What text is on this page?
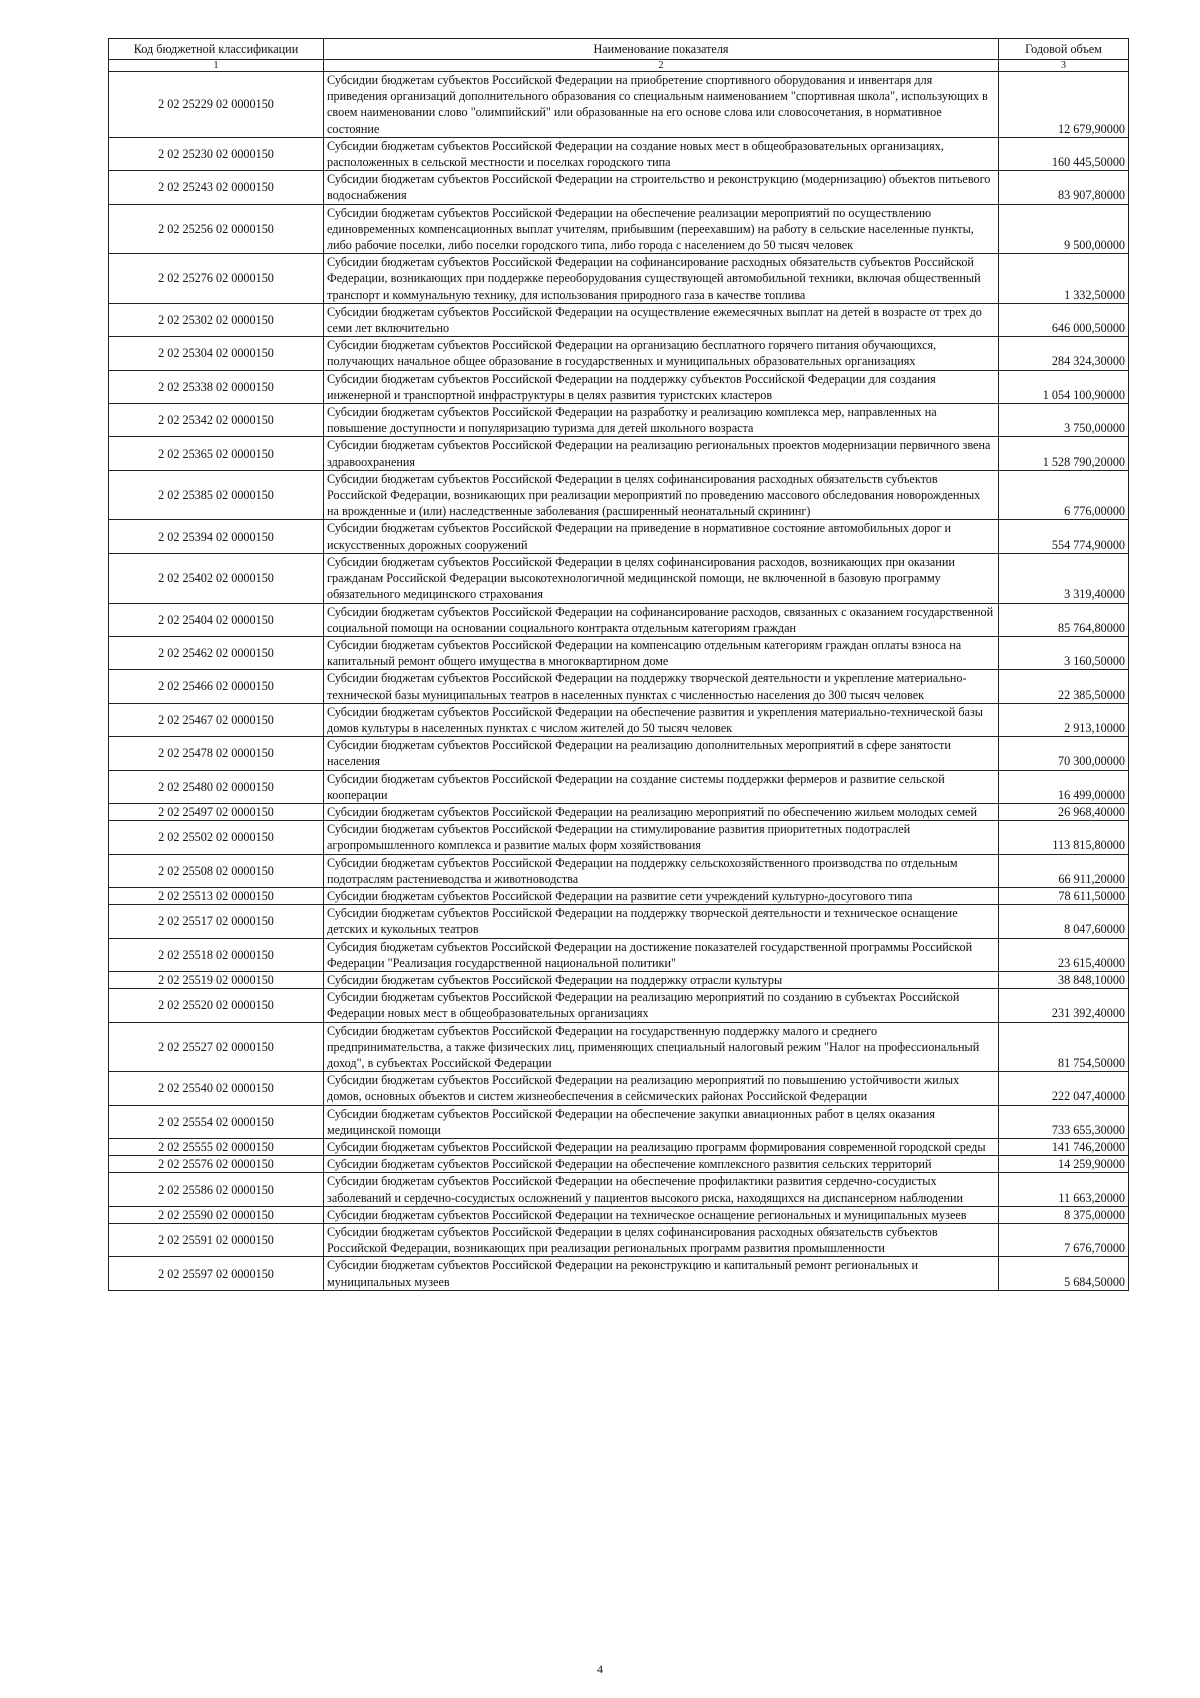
Код бюджетной классификации	Наименование показателя	Годовой объем
1	2	3
2 02 25229 02 0000150	Субсидии бюджетам субъектов Российской Федерации на приобретение спортивного оборудования и инвентаря для приведения организаций дополнительного образования со специальным наименованием "спортивная школа", использующих в своем наименовании слово "олимпийский" или образованные на его основе слова или словосочетания, в нормативное состояние	12 679,90000
2 02 25230 02 0000150	Субсидии бюджетам субъектов Российской Федерации на создание новых мест в общеобразовательных организациях, расположенных в сельской местности и поселках городского типа	160 445,50000
2 02 25243 02 0000150	Субсидии бюджетам субъектов Российской Федерации на строительство и реконструкцию (модернизацию) объектов питьевого водоснабжения	83 907,80000
2 02 25256 02 0000150	Субсидии бюджетам субъектов Российской Федерации на обеспечение реализации мероприятий по осуществлению единовременных компенсационных выплат учителям, прибывшим (переехавшим) на работу в сельские населенные пункты, либо рабочие поселки, либо поселки городского типа, либо города с населением до 50 тысяч человек	9 500,00000
2 02 25276 02 0000150	Субсидии бюджетам субъектов Российской Федерации на софинансирование расходных обязательств субъектов Российской Федерации, возникающих при поддержке переоборудования существующей автомобильной техники, включая общественный транспорт и коммунальную технику, для использования природного газа в качестве топлива	1 332,50000
2 02 25302 02 0000150	Субсидии бюджетам субъектов Российской Федерации на осуществление ежемесячных выплат на детей в возрасте от трех до семи лет включительно	646 000,50000
2 02 25304 02 0000150	Субсидии бюджетам субъектов Российской Федерации на организацию бесплатного горячего питания обучающихся, получающих начальное общее образование в государственных и муниципальных образовательных организациях	284 324,30000
2 02 25338 02 0000150	Субсидии бюджетам субъектов Российской Федерации на поддержку субъектов Российской Федерации для создания инженерной и транспортной инфраструктуры в целях развития туристских кластеров	1 054 100,90000
2 02 25342 02 0000150	Субсидии бюджетам субъектов Российской Федерации на разработку и реализацию комплекса мер, направленных на повышение доступности и популяризацию туризма для детей школьного возраста	3 750,00000
2 02 25365 02 0000150	Субсидии бюджетам субъектов Российской Федерации на реализацию региональных проектов модернизации первичного звена здравоохранения	1 528 790,20000
2 02 25385 02 0000150	Субсидии бюджетам субъектов Российской Федерации в целях софинансирования расходных обязательств субъектов Российской Федерации, возникающих при реализации мероприятий по проведению массового обследования новорожденных на врожденные и (или) наследственные заболевания (расширенный неонатальный скрининг)	6 776,00000
2 02 25394 02 0000150	Субсидии бюджетам субъектов Российской Федерации на приведение в нормативное состояние автомобильных дорог и искусственных дорожных сооружений	554 774,90000
2 02 25402 02 0000150	Субсидии бюджетам субъектов Российской Федерации в целях софинансирования расходов, возникающих при оказании гражданам Российской Федерации высокотехнологичной медицинской помощи, не включенной в базовую программу обязательного медицинского страхования	3 319,40000
2 02 25404 02 0000150	Субсидии бюджетам субъектов Российской Федерации на софинансирование расходов, связанных с оказанием государственной социальной помощи на основании социального контракта отдельным категориям граждан	85 764,80000
2 02 25462 02 0000150	Субсидии бюджетам субъектов Российской Федерации на компенсацию отдельным категориям граждан оплаты взноса на капитальный ремонт общего имущества в многоквартирном доме	3 160,50000
2 02 25466 02 0000150	Субсидии бюджетам субъектов Российской Федерации на поддержку творческой деятельности и укрепление материально-технической базы муниципальных театров в населенных пунктах с численностью населения до 300 тысяч человек	22 385,50000
2 02 25467 02 0000150	Субсидии бюджетам субъектов Российской Федерации на обеспечение развития и укрепления материально-технической базы домов культуры в населенных пунктах с числом жителей до 50 тысяч человек	2 913,10000
2 02 25478 02 0000150	Субсидии бюджетам субъектов Российской Федерации на реализацию дополнительных мероприятий в сфере занятости населения	70 300,00000
2 02 25480 02 0000150	Субсидии бюджетам субъектов Российской Федерации на создание системы поддержки фермеров и развитие сельской кооперации	16 499,00000
2 02 25497 02 0000150	Субсидии бюджетам субъектов Российской Федерации на реализацию мероприятий по обеспечению жильем молодых семей	26 968,40000
2 02 25502 02 0000150	Субсидии бюджетам субъектов Российской Федерации на стимулирование развития приоритетных подотраслей агропромышленного комплекса и развитие малых форм хозяйствования	113 815,80000
2 02 25508 02 0000150	Субсидии бюджетам субъектов Российской Федерации на поддержку сельскохозяйственного производства по отдельным подотраслям растениеводства и животноводства	66 911,20000
2 02 25513 02 0000150	Субсидии бюджетам субъектов Российской Федерации на развитие сети учреждений культурно-досугового типа	78 611,50000
2 02 25517 02 0000150	Субсидии бюджетам субъектов Российской Федерации на поддержку творческой деятельности и техническое оснащение детских и кукольных театров	8 047,60000
2 02 25518 02 0000150	Субсидия бюджетам субъектов Российской Федерации на достижение показателей государственной программы Российской Федерации "Реализация государственной национальной политики"	23 615,40000
2 02 25519 02 0000150	Субсидии бюджетам субъектов Российской Федерации на поддержку отрасли культуры	38 848,10000
2 02 25520 02 0000150	Субсидии бюджетам субъектов Российской Федерации на реализацию мероприятий по созданию в субъектах Российской Федерации новых мест в общеобразовательных организациях	231 392,40000
2 02 25527 02 0000150	Субсидии бюджетам субъектов Российской Федерации на государственную поддержку малого и среднего предпринимательства, а также физических лиц, применяющих специальный налоговый режим "Налог на профессиональный доход", в субъектах Российской Федерации	81 754,50000
2 02 25540 02 0000150	Субсидии бюджетам субъектов Российской Федерации на реализацию мероприятий по повышению устойчивости жилых домов, основных объектов и систем жизнеобеспечения в сейсмических районах Российской Федерации	222 047,40000
2 02 25554 02 0000150	Субсидии бюджетам субъектов Российской Федерации на обеспечение закупки авиационных работ в целях оказания медицинской помощи	733 655,30000
2 02 25555 02 0000150	Субсидии бюджетам субъектов Российской Федерации на реализацию программ формирования современной городской среды	141 746,20000
2 02 25576 02 0000150	Субсидии бюджетам субъектов Российской Федерации на обеспечение комплексного развития сельских территорий	14 259,90000
2 02 25586 02 0000150	Субсидии бюджетам субъектов Российской Федерации на обеспечение профилактики развития сердечно-сосудистых заболеваний и сердечно-сосудистых осложнений у пациентов высокого риска, находящихся на диспансерном наблюдении	11 663,20000
2 02 25590 02 0000150	Субсидии бюджетам субъектов Российской Федерации на техническое оснащение региональных и муниципальных музеев	8 375,00000
2 02 25591 02 0000150	Субсидии бюджетам субъектов Российской Федерации в целях софинансирования расходных обязательств субъектов Российской Федерации, возникающих при реализации региональных программ развития промышленности	7 676,70000
2 02 25597 02 0000150	Субсидии бюджетам субъектов Российской Федерации на реконструкцию и капитальный ремонт региональных и муниципальных музеев	5 684,50000
4
